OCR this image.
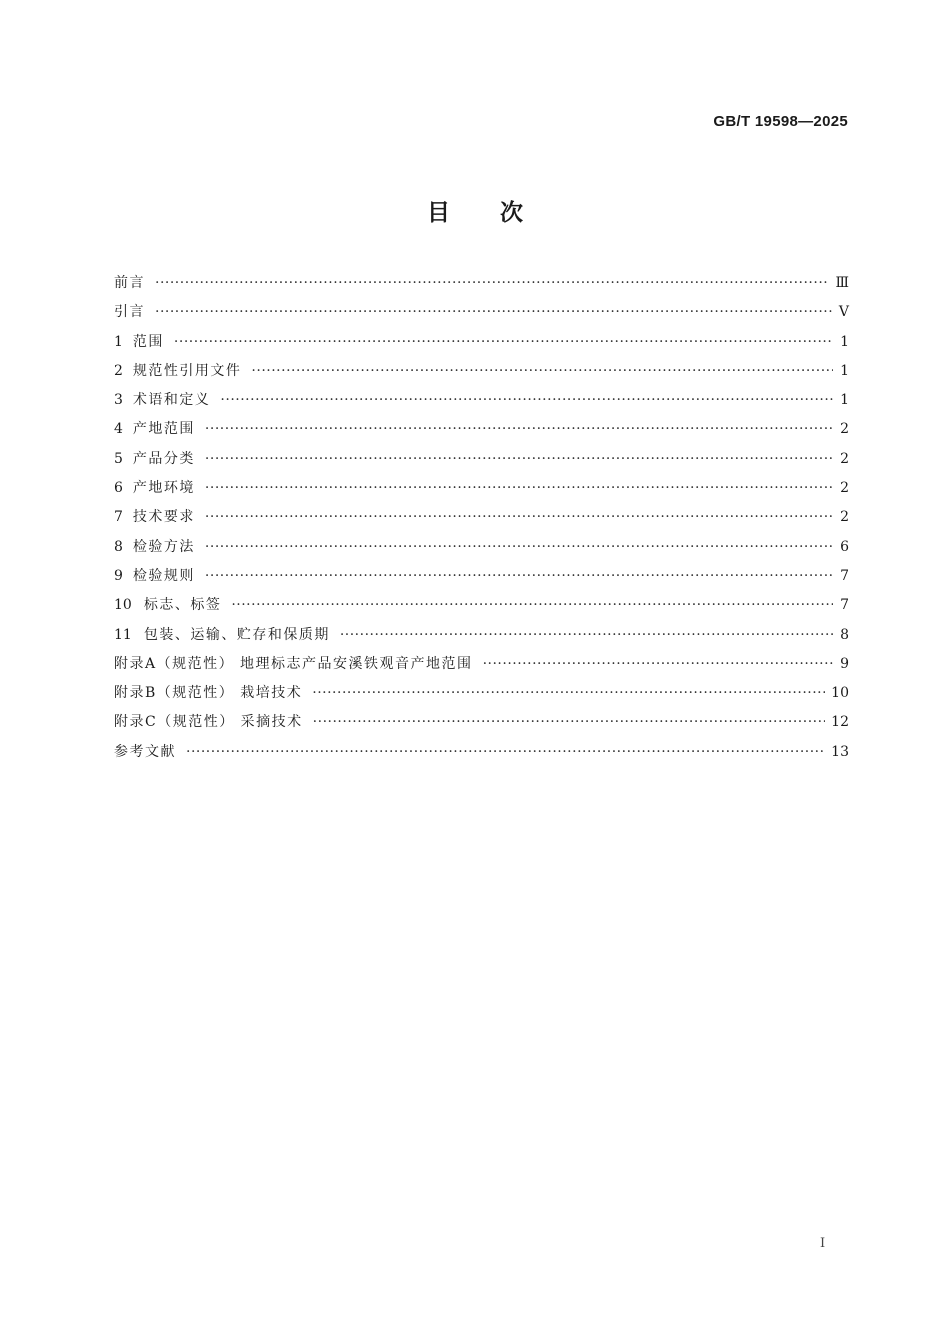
GB/T 19598—2025
目次
前言 ·····	Ⅲ
引言 ·····	Ⅴ
1 范围 ·····	1
2 规范性引用文件 ·····	1
3 术语和定义 ·····	1
4 产地范围 ·····	2
5 产品分类 ·····	2
6 产地环境 ·····	2
7 技术要求 ·····	2
8 检验方法 ·····	6
9 检验规则 ·····	7
10 标志、标签 ·····	7
11 包装、运输、贮存和保质期 ·····	8
附录A（规范性） 地理标志产品安溪铁观音产地范围 ·····	9
附录B（规范性） 栽培技术 ·····	10
附录C（规范性） 采摘技术 ·····	12
参考文献 ·····	13
Ⅰ
